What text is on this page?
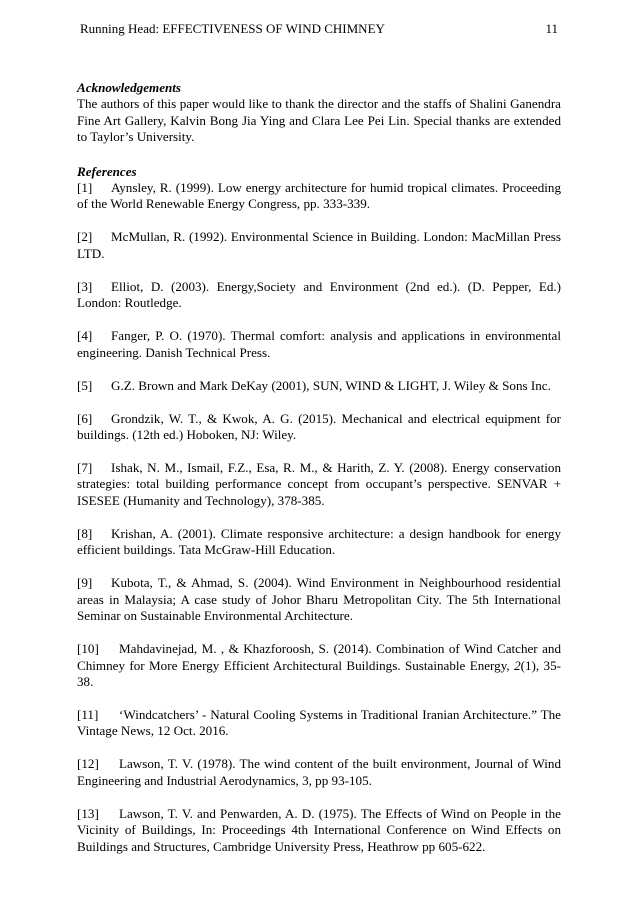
Running Head: EFFECTIVENESS OF WIND CHIMNEY	11
Acknowledgements

The authors of this paper would like to thank the director and the staffs of Shalini Ganendra Fine Art Gallery, Kalvin Bong Jia Ying and Clara Lee Pei Lin. Special thanks are extended to Taylor’s University.

References

[1] Aynsley, R. (1999). Low energy architecture for humid tropical climates. Proceeding of the World Renewable Energy Congress, pp. 333-339.

[2] McMullan, R. (1992). Environmental Science in Building. London: MacMillan Press LTD.

[3] Elliot, D. (2003). Energy,Society and Environment (2nd ed.). (D. Pepper, Ed.) London: Routledge.

[4] Fanger, P. O. (1970). Thermal comfort: analysis and applications in environmental engineering. Danish Technical Press.

[5] G.Z. Brown and Mark DeKay (2001), SUN, WIND & LIGHT, J. Wiley & Sons Inc.

[6] Grondzik, W. T., & Kwok, A. G. (2015). Mechanical and electrical equipment for buildings. (12th ed.) Hoboken, NJ: Wiley.

[7] Ishak, N. M., Ismail, F.Z., Esa, R. M., & Harith, Z. Y. (2008). Energy conservation strategies: total building performance concept from occupant’s perspective. SENVAR + ISESEE (Humanity and Technology), 378-385.

[8] Krishan, A. (2001). Climate responsive architecture: a design handbook for energy efficient buildings. Tata McGraw-Hill Education.

[9] Kubota, T., & Ahmad, S. (2004). Wind Environment in Neighbourhood residential areas in Malaysia; A case study of Johor Bharu Metropolitan City. The 5th International Seminar on Sustainable Environmental Architecture.

[10] Mahdavinejad, M. , & Khazforoosh, S. (2014). Combination of Wind Catcher and Chimney for More Energy Efficient Architectural Buildings. Sustainable Energy, 2(1), 35-38.

[11] ‘Windcatchers’ - Natural Cooling Systems in Traditional Iranian Architecture.” The Vintage News, 12 Oct. 2016.

[12] Lawson, T. V. (1978). The wind content of the built environment, Journal of Wind Engineering and Industrial Aerodynamics, 3, pp 93-105.

[13] Lawson, T. V. and Penwarden, A. D. (1975). The Effects of Wind on People in the Vicinity of Buildings, In: Proceedings 4th International Conference on Wind Effects on Buildings and Structures, Cambridge University Press, Heathrow pp 605-622.
